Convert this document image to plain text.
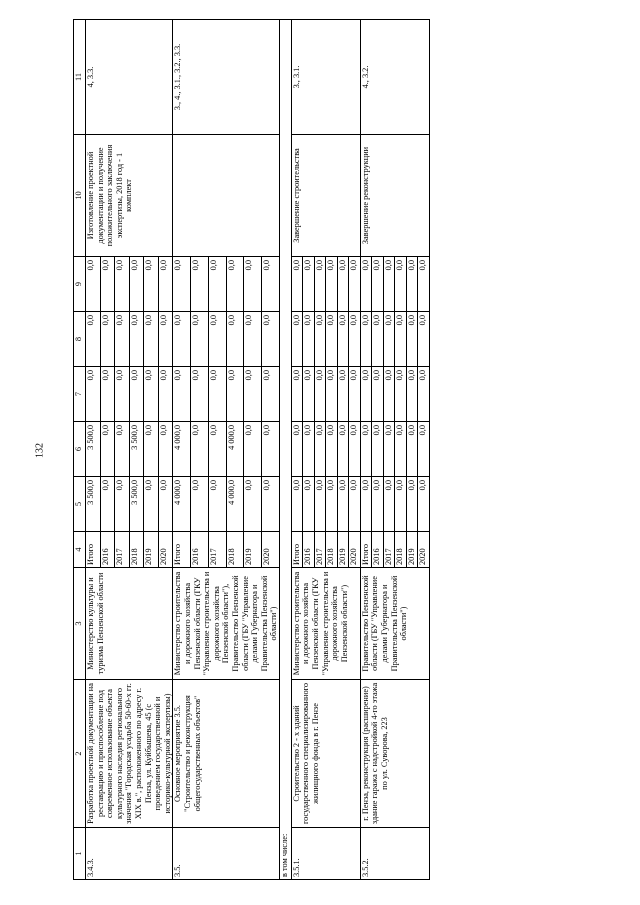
132
1	2	3	4	5	6	7	8	9	10	11
3.4.3.	Разработка проектной документации на реставрацию и приспособление под современное использование объекта культурного наследия регионального значения "Городская усадьба 50-60-х гг. XIX в.", расположенного по адресу г. Пенза, ул. Куйбышева, 45 (с проведением государственной и историко-культурной экспертизы)	Министерство культуры и туризма Пензенской области	Итого	3 500,0	3 500,0	0,0	0,0	0,0	Изготовление проектной документации и получение положительного заключения экспертизы, 2018 год - 1 комплект	4, 3.3.
			2016	0,0	0,0	0,0	0,0	0,0		
			2017	0,0	0,0	0,0	0,0	0,0		
			2018	3 500,0	3 500,0	0,0	0,0	0,0		
			2019	0,0	0,0	0,0	0,0	0,0		
			2020	0,0	0,0	0,0	0,0	0,0		
3.5.	Основное мероприятие 3.5. "Строительство и реконструкция общегосударственных объектов"	Министерство строительства и дорожного хозяйства Пензенской области (ГКУ "Управление строительства и дорожного хозяйства Пензенской области"), Правительство Пензенской области (ГБУ "Управление делами Губернатора и Правительства Пензенской области")	Итого	4 000,0	4 000,0	0,0	0,0	0,0		3., 4., 3.1., 3.2., 3.3.
			2016	0,0	0,0	0,0	0,0	0,0		
			2017	0,0	0,0	0,0	0,0	0,0		
			2018	4 000,0	4 000,0	0,0	0,0	0,0		
			2019	0,0	0,0	0,0	0,0	0,0		
			2020	0,0	0,0	0,0	0,0	0,0		
в том числе:										
3.5.1.	Строительство 2 - х зданий государственного специализированного жилищного фонда в г. Пензе	Министерство строительства и дорожного хозяйства Пензенской области (ГКУ "Управление строительства и дорожного хозяйства Пензенской области")	Итого	0,0	0,0	0,0	0,0	0,0	Завершение строительства	3., 3.1.
			2016	0,0	0,0	0,0	0,0	0,0		
			2017	0,0	0,0	0,0	0,0	0,0		
			2018	0,0	0,0	0,0	0,0	0,0		
			2019	0,0	0,0	0,0	0,0	0,0		
			2020	0,0	0,0	0,0	0,0	0,0		
3.5.2.	г. Пенза, реконструкция (расширение) здание гаража с надстройкой 4-го этажа по ул. Суворова, 223	Правительство Пензенской области (ГБУ "Управление делами Губернатора и Правительства Пензенской области")	Итого	0,0	0,0	0,0	0,0	0,0	Завершение реконструкции	4., 3.2.
			2016	0,0	0,0	0,0	0,0	0,0		
			2017	0,0	0,0	0,0	0,0	0,0		
			2018	0,0	0,0	0,0	0,0	0,0		
			2019	0,0	0,0	0,0	0,0	0,0		
			2020	0,0	0,0	0,0	0,0	0,0		
